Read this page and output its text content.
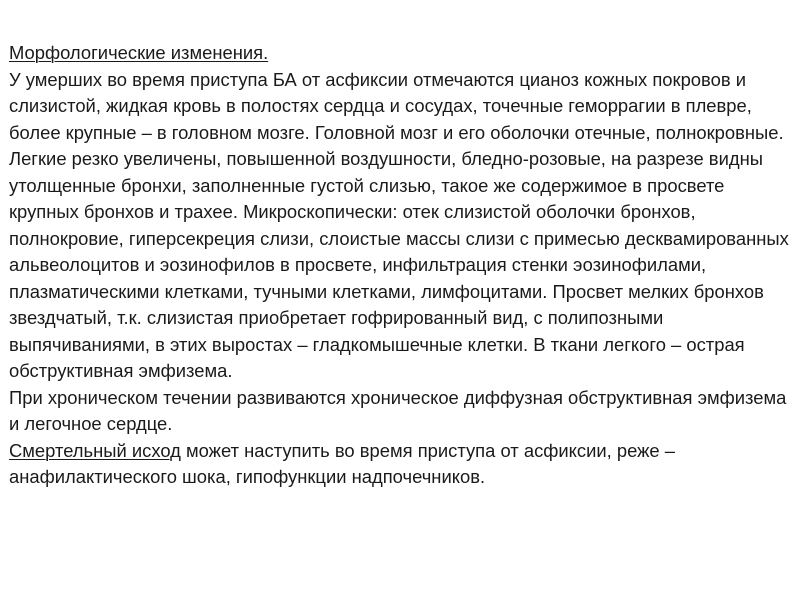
Морфологические изменения.

У умерших во время приступа БА от асфиксии отмечаются цианоз кожных покровов и слизистой, жидкая кровь в полостях сердца и сосудах, точечные геморрагии в плевре, более крупные – в головном мозге. Головной мозг и его оболочки отечные, полнокровные. Легкие резко увеличены, повышенной воздушности, бледно-розовые, на разрезе видны утолщенные бронхи, заполненные густой слизью, такое же содержимое в просвете крупных бронхов и трахее. Микроскопически: отек слизистой оболочки бронхов, полнокровие, гиперсекреция слизи, слоистые массы слизи с примесью десквамированных альвеолоцитов и эозинофилов в просвете, инфильтрация стенки эозинофилами, плазматическими клетками, тучными клетками, лимфоцитами. Просвет мелких бронхов звездчатый, т.к. слизистая приобретает гофрированный вид, с полипозными выпячиваниями, в этих выростах – гладкомышечные клетки. В ткани легкого – острая обструктивная эмфизема.

При хроническом течении развиваются хроническое диффузная обструктивная эмфизема и легочное сердце.

Смертельный исход может наступить во время приступа от асфиксии, реже – анафилактического шока, гипофункции надпочечников.
